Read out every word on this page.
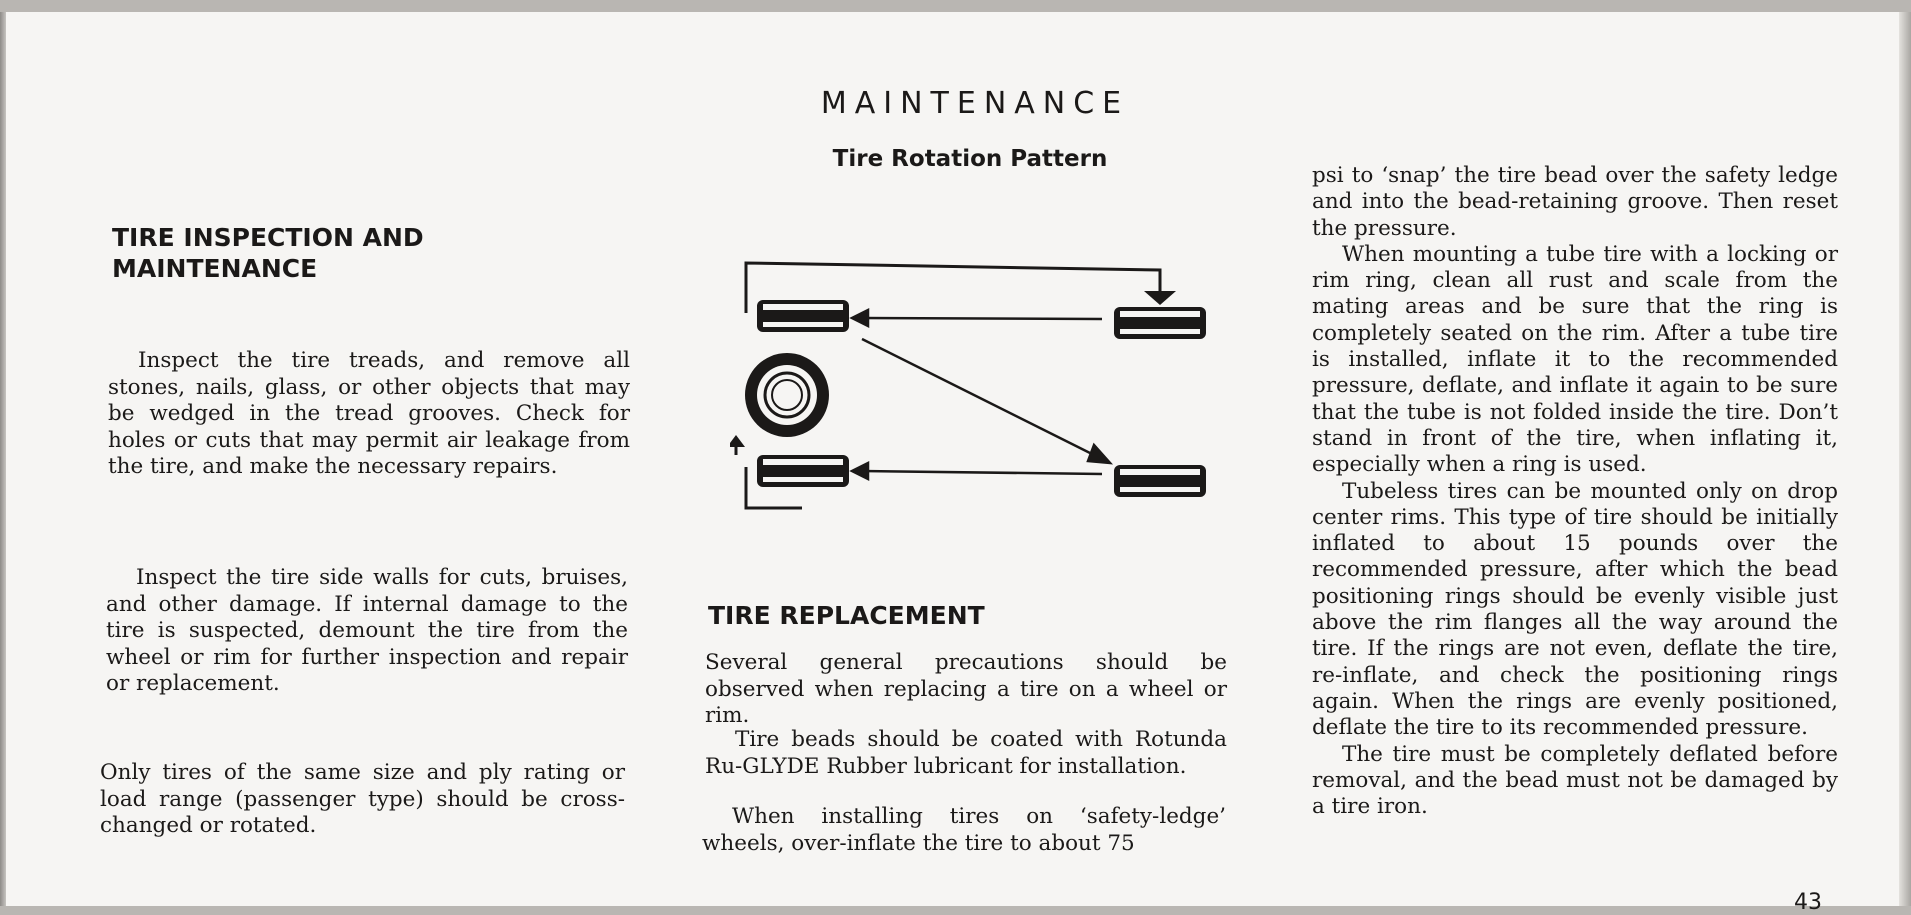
MAINTENANCE
Tire Rotation Pattern
TIRE INSPECTION AND MAINTENANCE

Inspect the tire treads, and remove all stones, nails, glass, or other objects that may be wedged in the tread grooves. Check for holes or cuts that may permit air leakage from the tire, and make the necessary repairs.

Inspect the tire side walls for cuts, bruises, and other damage. If internal damage to the tire is suspected, demount the tire from the wheel or rim for further inspection and repair or replacement.

Only tires of the same size and ply rating or load range (passenger type) should be cross-changed or rotated.

TIRE REPLACEMENT

Several general precautions should be observed when replacing a tire on a wheel or rim.

Tire beads should be coated with Rotunda Ru-GLYDE Rubber lubricant for installation.

When installing tires on ‘safety-ledge’ wheels, over-inflate the tire to about 75

psi to ‘snap’ the tire bead over the safety ledge and into the bead-retaining groove. Then reset the pressure.

When mounting a tube tire with a locking or rim ring, clean all rust and scale from the mating areas and be sure that the ring is completely seated on the rim. After a tube tire is installed, inflate it to the recommended pressure, deflate, and inflate it again to be sure that the tube is not folded inside the tire. Don’t stand in front of the tire, when inflating it, especially when a ring is used.

Tubeless tires can be mounted only on drop center rims. This type of tire should be initially inflated to about 15 pounds over the recommended pressure, after which the bead positioning rings should be evenly visible just above the rim flanges all the way around the tire. If the rings are not even, deflate the tire, re-inflate, and check the positioning rings again. When the rings are evenly positioned, deflate the tire to its recommended pressure.

The tire must be completely deflated before removal, and the bead must not be damaged by a tire iron.

43
